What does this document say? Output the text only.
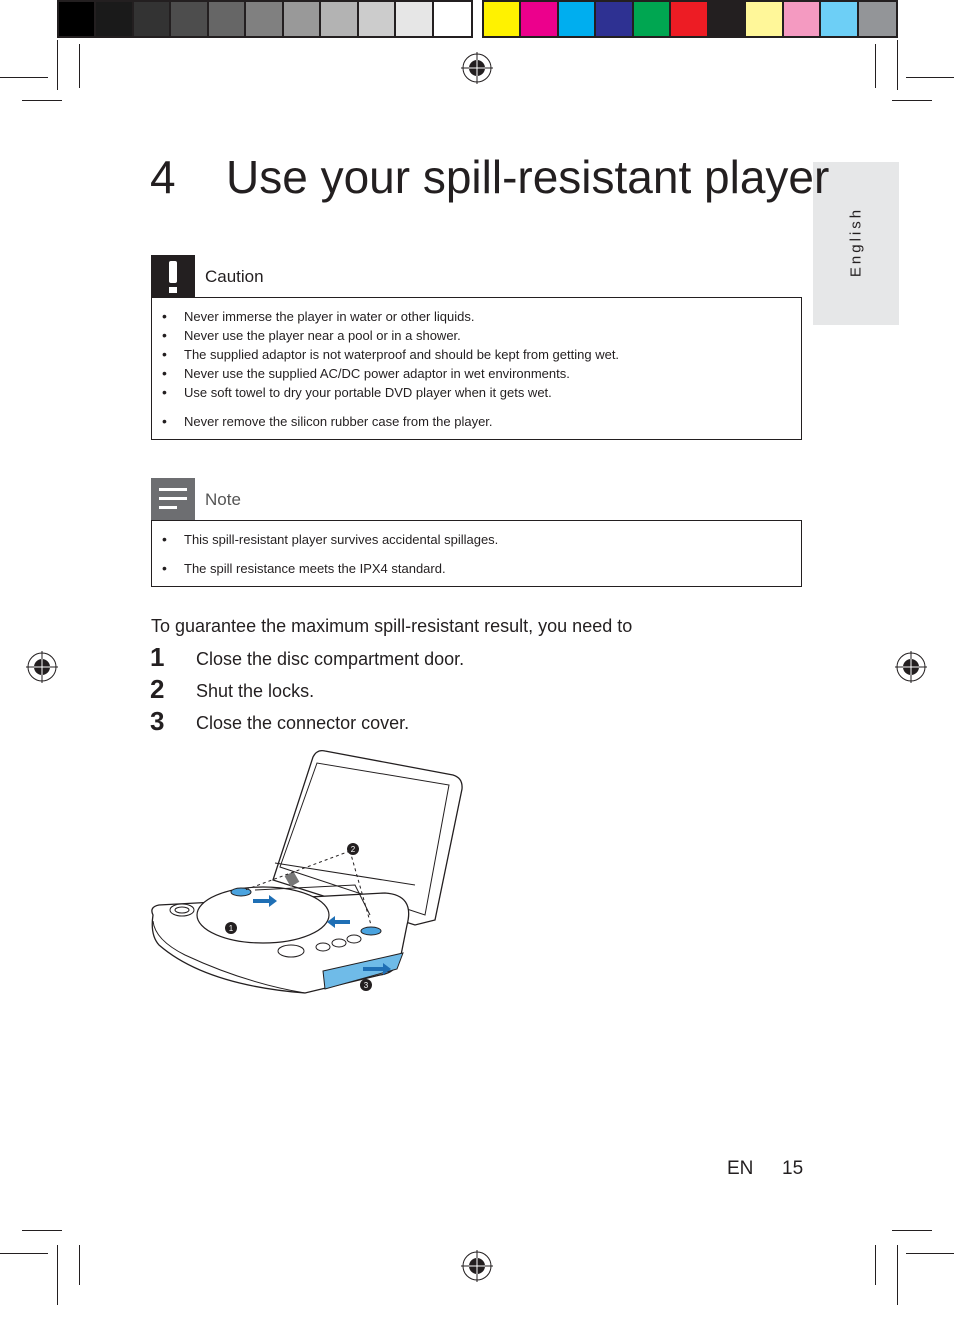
English
4 Use your spill-resistant player
Caution
• Never immerse the player in water or other liquids.
• Never use the player near a pool or in a shower.
• The supplied adaptor is not waterproof and should be kept from getting wet.
• Never use the supplied AC/DC power adaptor in wet environments.
• Use soft towel to dry your portable DVD player when it gets wet.
• Never remove the silicon rubber case from the player.
Note
• This spill-resistant player survives accidental spillages.
• The spill resistance meets the IPX4 standard.
To guarantee the maximum spill-resistant result, you need to
1 Close the disc compartment door.
2 Shut the locks.
3 Close the connector cover.
1
2
3
EN 15
